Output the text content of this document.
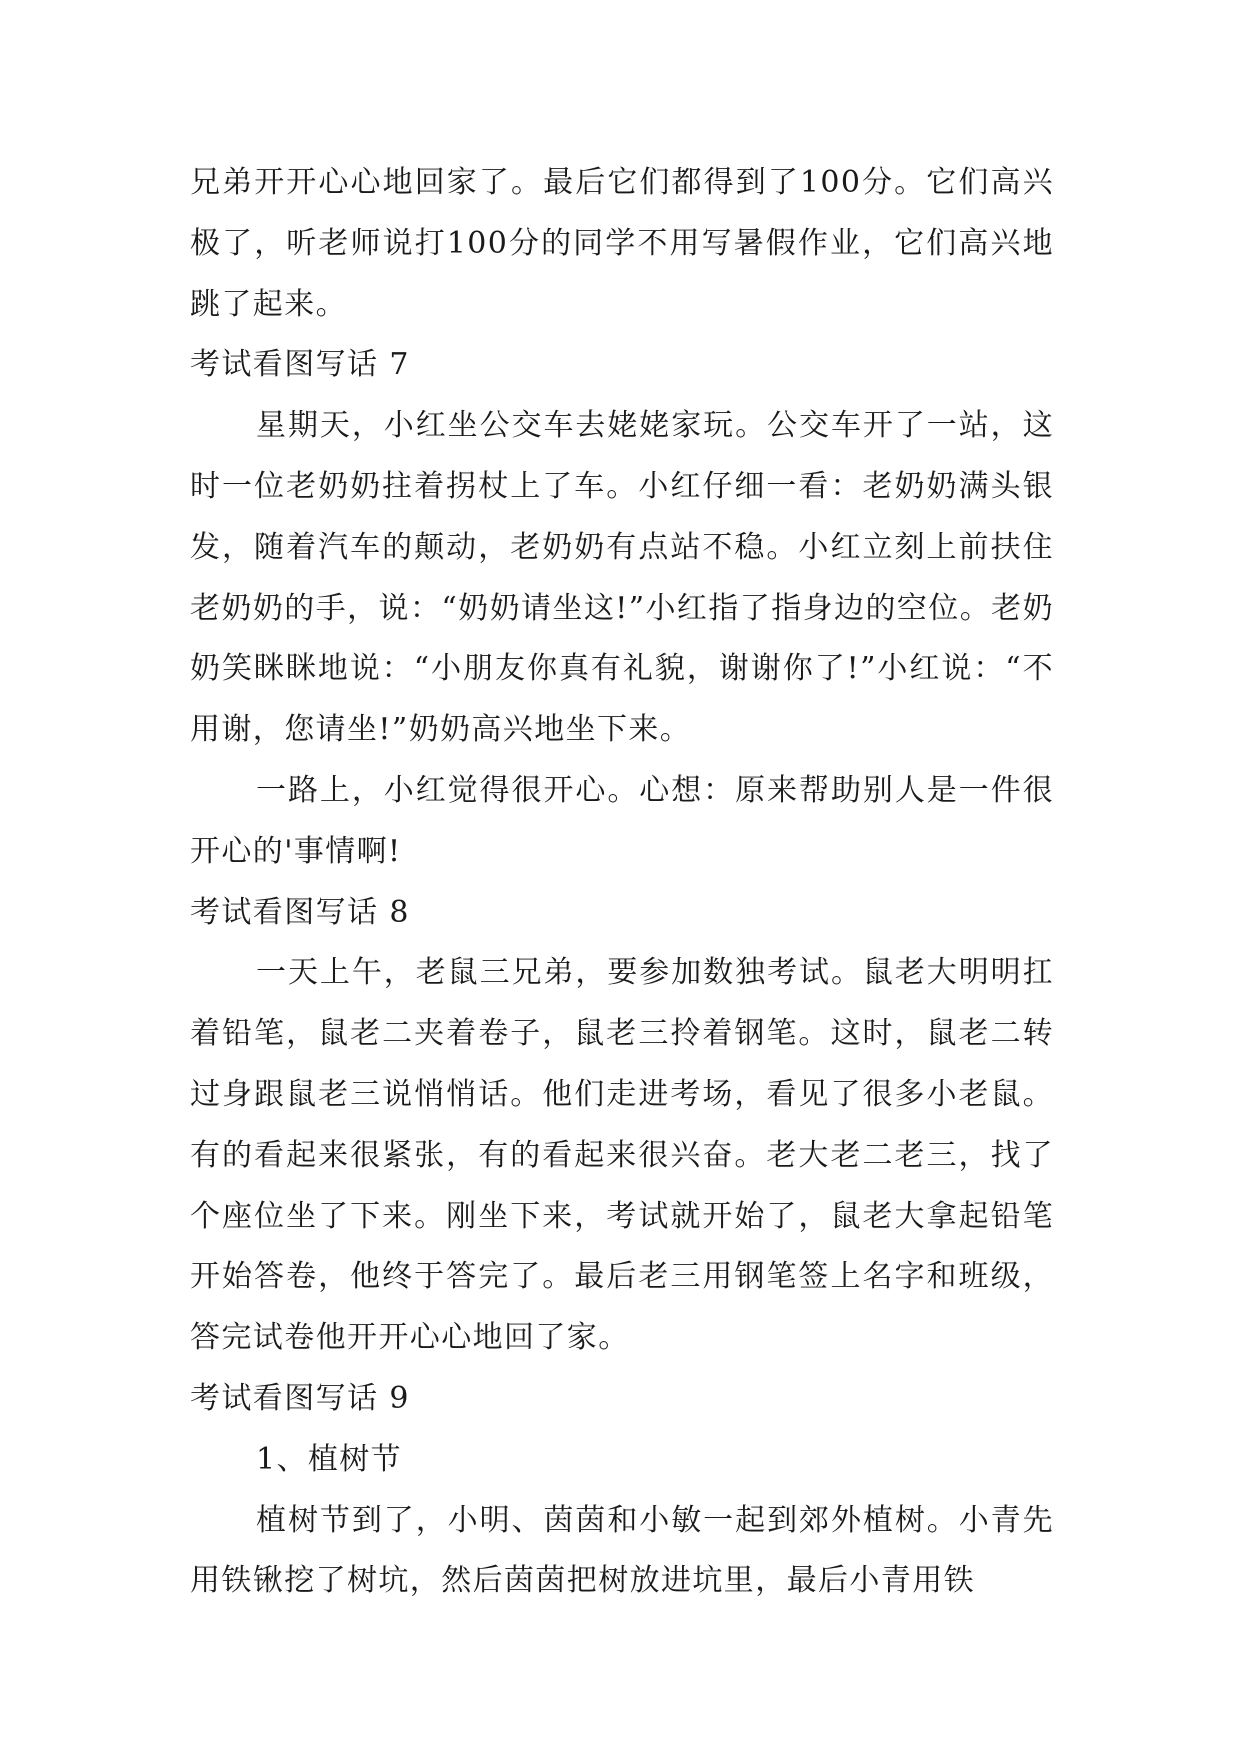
兄弟开开心心地回家了。最后它们都得到了100分。它们高兴极了，听老师说打100分的同学不用写暑假作业，它们高兴地跳了起来。

考试看图写话 7

星期天，小红坐公交车去姥姥家玩。公交车开了一站，这时一位老奶奶拄着拐杖上了车。小红仔细一看：老奶奶满头银发，随着汽车的颠动，老奶奶有点站不稳。小红立刻上前扶住老奶奶的手，说：“奶奶请坐这!”小红指了指身边的空位。老奶奶笑眯眯地说：“小朋友你真有礼貌，谢谢你了!”小红说：“不用谢，您请坐!”奶奶高兴地坐下来。

一路上，小红觉得很开心。心想：原来帮助别人是一件很开心的'事情啊!

考试看图写话 8

一天上午，老鼠三兄弟，要参加数独考试。鼠老大明明扛着铅笔，鼠老二夹着卷子，鼠老三拎着钢笔。这时，鼠老二转过身跟鼠老三说悄悄话。他们走进考场，看见了很多小老鼠。有的看起来很紧张，有的看起来很兴奋。老大老二老三，找了个座位坐了下来。刚坐下来，考试就开始了，鼠老大拿起铅笔开始答卷，他终于答完了。最后老三用钢笔签上名字和班级，答完试卷他开开心心地回了家。

考试看图写话 9

1、植树节

植树节到了，小明、茵茵和小敏一起到郊外植树。小青先用铁锹挖了树坑，然后茵茵把树放进坑里，最后小青用铁
